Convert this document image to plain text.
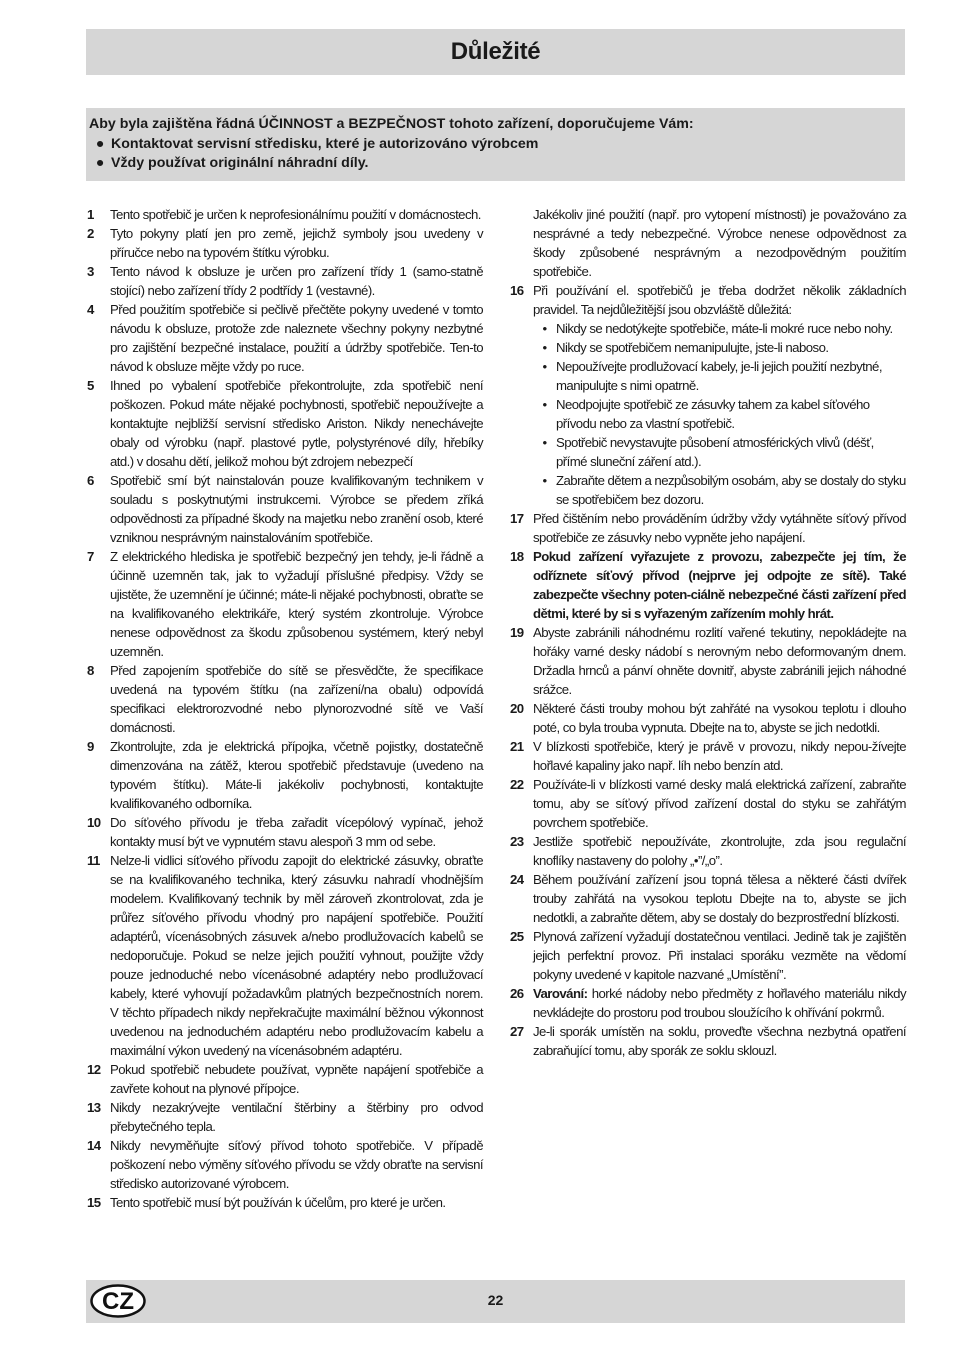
Důležité
Aby byla zajištěna řádná ÚČINNOST a BEZPEČNOST tohoto zařízení, doporučujeme Vám:
● Kontaktovat servisní středisku, které je autorizováno výrobcem
● Vždy používat originální náhradní díly.
1	Tento spotřebič je určen k neprofesionálnímu použití v domácnostech.
2	Tyto pokyny platí jen pro země, jejichž symboly jsou uvedeny v příručce nebo na typovém štítku výrobku.
3	Tento návod k obsluze je určen pro zařízení třídy 1 (samo-statně stojící) nebo zařízení třídy 2 podtřídy 1 (vestavné).
4	Před použitím spotřebiče si pečlivě přečtěte pokyny uvedené v tomto návodu k obsluze, protože zde naleznete všechny pokyny nezbytné pro zajištění bezpečné instalace, použití a údržby spotřebiče. Ten-to návod k obsluze mějte vždy po ruce.
5	Ihned po vybalení spotřebiče překontrolujte, zda spotřebič není poškozen. Pokud máte nějaké pochybnosti, spotřebič nepoužívejte a kontaktujte nejbližší servisní středisko Ariston. Nikdy nenechávejte obaly od výrobku (např. plastové pytle, polystyrénové díly, hřebíky atd.) v dosahu dětí, jelikož mohou být zdrojem nebezpečí
6	Spotřebič smí být nainstalován pouze kvalifikovaným technikem v souladu s poskytnutými instrukcemi. Výrobce se předem zříká odpovědnosti za případné škody na majetku nebo zranění osob, které vzniknou nesprávným nainstalováním spotřebiče.
7	Z elektrického hlediska je spotřebič bezpečný jen tehdy, je-li řádně a účinně uzemněn tak, jak to vyžadují příslušné předpisy. Vždy se ujistěte, že uzemnění je účinné; máte-li nějaké pochybnosti, obraťte se na kvalifikovaného elektrikáře, který systém zkontroluje. Výrobce nenese odpovědnost za škodu způsobenou systémem, který nebyl uzemněn.
8	Před zapojením spotřebiče do sítě se přesvědčte, že specifikace uvedená na typovém štítku (na zařízení/na obalu) odpovídá specifikaci elektrorozvodné nebo plynorozvodné sítě ve Vaší domácnosti.
9	Zkontrolujte, zda je elektrická přípojka, včetně pojistky, dostatečně dimenzována na zátěž, kterou spotřebič představuje (uvedeno na typovém štítku). Máte-li jakékoliv pochybnosti, kontaktujte kvalifikovaného odborníka.
10 Do síťového přívodu je třeba zařadit vícepólový vypínač, jehož kontakty musí být ve vypnutém stavu alespoň 3 mm od sebe.
11 Nelze-li vidlici síťového přívodu zapojit do elektrické zásuvky, obraťte se na kvalifikovaného technika, který zásuvku nahradí vhodnějším modelem. Kvalifikovaný technik by měl zároveň zkontrolovat, zda je průřez síťového přívodu vhodný pro napájení spotřebiče. Použití adaptérů, vícenásobných zásuvek a/nebo prodlužovacích kabelů se nedoporučuje. Pokud se nelze jejich použití vyhnout, použijte vždy pouze jednoduché nebo vícenásobné adaptéry nebo prodlužovací kabely, které vyhovují požadavkům platných bezpečnostních norem. V těchto případech nikdy nepřekračujte maximální běžnou výkonnost uvedenou na jednoduchém adaptéru nebo prodlužovacím kabelu a maximální výkon uvedený na vícenásobném adaptéru.
12 Pokud spotřebič nebudete používat, vypněte napájení spotřebiče a zavřete kohout na plynové přípojce.
13 Nikdy nezakrývejte ventilační štěrbiny a štěrbiny pro odvod přebytečného tepla.
14 Nikdy nevyměňujte síťový přívod tohoto spotřebiče. V případě poškození nebo výměny síťového přívodu se vždy obraťte na servisní středisko autorizované výrobcem.
15 Tento spotřebič musí být používán k účelům, pro které je určen.
Jakékoliv jiné použití (např. pro vytopení místnosti) je považováno za nesprávné a tedy nebezpečné. Výrobce nenese odpovědnost za škody způsobené nesprávným a nezodpovědným použitím spotřebiče.
16 Při používání el. spotřebičů je třeba dodržet několik základních pravidel. Ta nejdůležitější jsou obzvláště důležitá:
• Nikdy se nedotýkejte spotřebiče, máte-li mokré ruce nebo nohy.
• Nikdy se spotřebičem nemanipulujte, jste-li naboso.
• Nepoužívejte prodlužovací kabely, je-li jejich použití nezbytné, manipulujte s nimi opatrně.
• Neodpojujte spotřebič ze zásuvky tahem za kabel síťového přívodu nebo za vlastní spotřebič.
• Spotřebič nevystavujte působení atmosférických vlivů (déšť, přímé sluneční záření atd.).
• Zabraňte dětem a nezpůsobilým osobám, aby se dostaly do styku se spotřebičem bez dozoru.
17 Před čištěním nebo prováděním údržby vždy vytáhněte síťový přívod spotřebiče ze zásuvky nebo vypněte jeho napájení.
18 Pokud zařízení vyřazujete z provozu, zabezpečte jej tím, že odříznete síťový přívod (nejprve jej odpojte ze sítě). Také zabezpečte všechny poten-ciálně nebezpečné části zařízení před dětmi, které by si s vyřazeným zařízením mohly hrát.
19 Abyste zabránili náhodnému rozlití vařené tekutiny, nepokládejte na hořáky varné desky nádobí s nerovným nebo deformovaným dnem. Držadla hrnců a pánví ohněte dovnitř, abyste zabránili jejich náhodné srážce.
20 Některé části trouby mohou být zahřáté na vysokou teplotu i dlouho poté, co byla trouba vypnuta. Dbejte na to, abyste se jich nedotkli.
21 V blízkosti spotřebiče, který je právě v provozu, nikdy nepou-žívejte hořlavé kapaliny jako např. líh nebo benzín atd.
22 Používáte-li v blízkosti varné desky malá elektrická zařízení, zabraňte tomu, aby se síťový přívod zařízení dostal do styku se zahřátým povrchem spotřebiče.
23 Jestliže spotřebič nepoužíváte, zkontrolujte, zda jsou regulační knoflíky nastaveny do polohy „•”/„o”.
24 Během používání zařízení jsou topná tělesa a některé části dvířek trouby zahřátá na vysokou teplotu Dbejte na to, abyste se jich nedotkli, a zabraňte dětem, aby se dostaly do bezprostřední blízkosti.
25 Plynová zařízení vyžadují dostatečnou ventilaci. Jedině tak je zajištěn jejich perfektní provoz. Při instalaci sporáku vezměte na vědomí pokyny uvedené v kapitole nazvané „Umístění”.
26 Varování: horké nádoby nebo předměty z hořlavého materiálu nikdy nevkládejte do prostoru pod troubou sloužícího k ohřívání pokrmů.
27 Je-li sporák umístěn na soklu, proveďte všechna nezbytná opatření zabraňující tomu, aby sporák ze soklu sklouzl.
CZ	22
